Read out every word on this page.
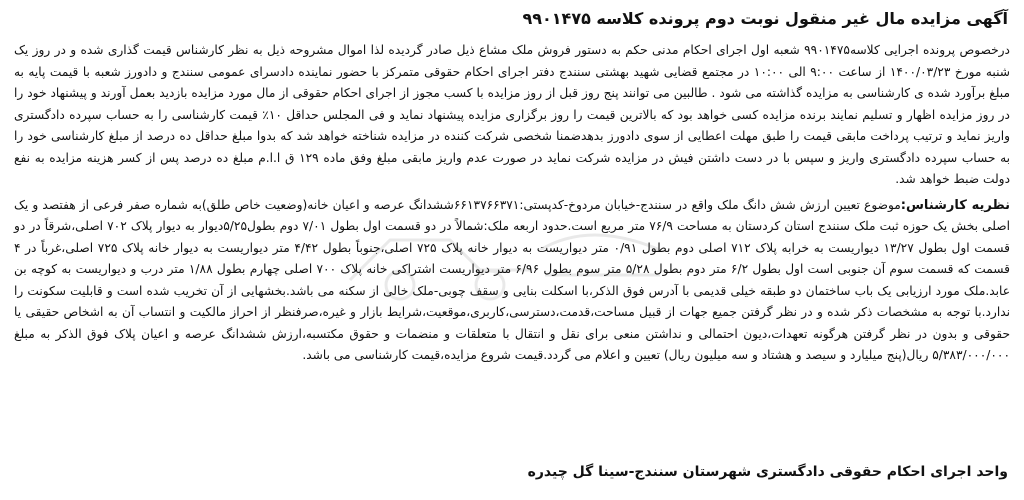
آگهی مزایده مال غیر منقول نوبت دوم پرونده کلاسه ۹۹۰۱۴۷۵

درخصوص پرونده اجرایی کلاسه۹۹۰۱۴۷۵ شعبه اول اجرای احکام مدنی حکم به دستور فروش ملک مشاع ذیل صادر گردیده لذا اموال مشروحه ذیل به نظر کارشناس قیمت گذاری شده و در روز یک شنبه مورخ ۱۴۰۰/۰۳/۲۳ از ساعت ۹:۰۰ الی ۱۰:۰۰ در مجتمع قضایی شهید بهشتی سنندج دفتر اجرای احکام حقوقی متمرکز با حضور نماینده دادسرای عمومی سنندج و دادورز شعبه با قیمت پایه به مبلغ برآورد شده ی کارشناسی به مزایده گذاشته می شود . طالبین می توانند پنج روز قبل از روز مزایده با کسب مجوز از اجرای احکام حقوقی از مال مورد مزایده بازدید بعمل آورند و پیشنهاد خود را در روز مزایده اظهار و تسلیم نمایند برنده مزایده کسی خواهد بود که بالاترین قیمت را روز برگزاری مزایده پیشنهاد نماید و فی المجلس حداقل ۱۰٪ قیمت کارشناسی را به حساب سپرده دادگستری واریز نماید و ترتیب پرداخت مابقی قیمت را طبق مهلت اعطایی از سوی دادورز بدهدضمنا شخصی شرکت کننده در مزایده شناخته خواهد شد که بدوا مبلغ حداقل ده درصد از مبلغ کارشناسی خود را به حساب سپرده دادگستری واریز و سپس با در دست داشتن فیش در مزایده شرکت نماید در صورت عدم واریز مابقی مبلغ وفق ماده ۱۲۹ ق ا.ا.م مبلغ ده درصد پس از کسر هزینه مزایده به نفع دولت ضبط خواهد شد.

نظریه کارشناس:موضوع تعیین ارزش شش دانگ ملک واقع در سنندج-خیابان مردوخ-کدپستی:۶۶۱۳۷۶۶۳۷۱ششدانگ عرصه و اعیان خانه(وضعیت خاص طلق)به شماره صفر فرعی از هفتصد و یک اصلی بخش یک حوزه ثبت ملک سنندج استان کردستان به مساحت ۷۶/۹ متر مربع است.حدود اربعه ملک:شمالاً در دو قسمت اول بطول ۷/۰۱ دوم بطول۵/۲۵دیوار به دیوار پلاک ۷۰۲ اصلی،شرقاً در دو قسمت اول بطول ۱۳/۲۷ دیواریست به خرابه پلاک ۷۱۲ اصلی دوم بطول ۰/۹۱ متر دیواریست به دیوار خانه پلاک ۷۲۵ اصلی،جنوباً بطول ۴/۴۲ متر دیواریست به دیوار خانه پلاک ۷۲۵ اصلی،غرباً در ۴ قسمت که قسمت سوم آن جنوبی است اول بطول ۶/۲ متر دوم بطول ۵/۲۸ متر سوم بطول ۶/۹۶ متر دیواریست اشتراکی خانه پلاک ۷۰۰ اصلی چهارم بطول ۱/۸۸ متر درب و دیواریست به کوچه بن عابد.ملک مورد ارزیابی یک باب ساختمان دو طبقه خیلی قدیمی با آدرس فوق الذکر،با اسکلت بنایی و سقف چوبی-ملک خالی از سکنه می باشد.بخشهایی از آن تخریب شده است و قابلیت سکونت را ندارد.با توجه به مشخصات ذکر شده و در نظر گرفتن جمیع جهات از قبیل مساحت،قدمت،دسترسی،کاربری،موقعیت،شرایط بازار و غیره،صرفنظر از احراز مالکیت و انتساب آن به اشخاص حقیقی یا حقوقی و بدون در نظر گرفتن هرگونه تعهدات،دیون احتمالی و نداشتن منعی برای نقل و انتقال با متعلقات و منضمات و حقوق مکتسبه،ارزش ششدانگ عرصه و اعیان پلاک فوق الذکر به مبلغ ۵/۳۸۳/۰۰۰/۰۰۰ ریال(پنج میلیارد و سیصد و هشتاد و سه میلیون ریال) تعیین و اعلام می گردد.قیمت شروع مزایده،قیمت کارشناسی می باشد.

واحد اجرای احکام حقوقی دادگستری شهرستان سنندج-سینا گل چیدره
